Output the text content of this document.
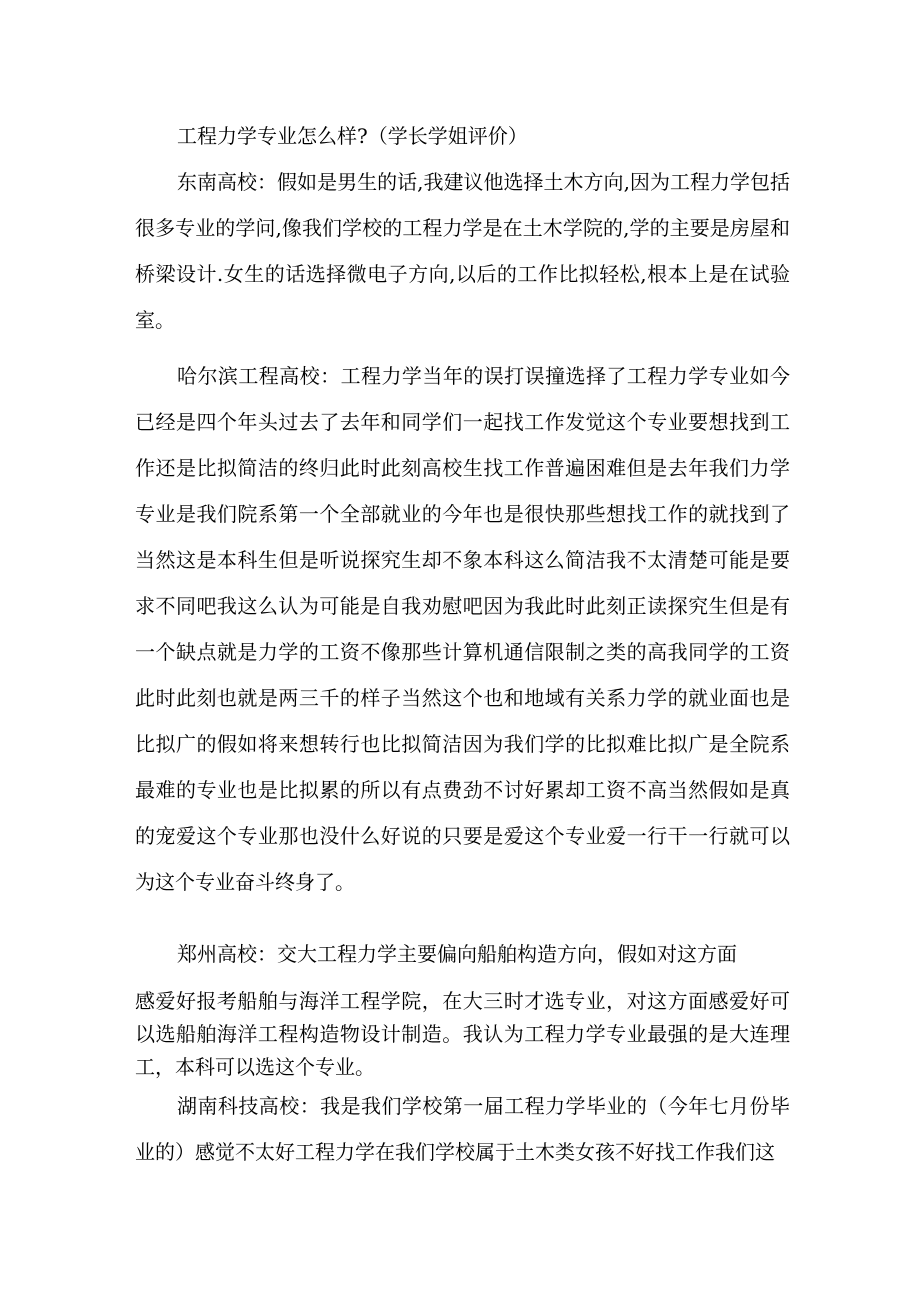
工程力学专业怎么样?（学长学姐评价）

东南高校：假如是男生的话,我建议他选择土木方向,因为工程力学包括很多专业的学问,像我们学校的工程力学是在土木学院的,学的主要是房屋和桥梁设计.女生的话选择微电子方向,以后的工作比拟轻松,根本上是在试验室。

哈尔滨工程高校：工程力学当年的误打误撞选择了工程力学专业如今已经是四个年头过去了去年和同学们一起找工作发觉这个专业要想找到工作还是比拟简洁的终归此时此刻高校生找工作普遍困难但是去年我们力学专业是我们院系第一个全部就业的今年也是很快那些想找工作的就找到了当然这是本科生但是听说探究生却不象本科这么简洁我不太清楚可能是要求不同吧我这么认为可能是自我劝慰吧因为我此时此刻正读探究生但是有一个缺点就是力学的工资不像那些计算机通信限制之类的高我同学的工资此时此刻也就是两三千的样子当然这个也和地域有关系力学的就业面也是比拟广的假如将来想转行也比拟简洁因为我们学的比拟难比拟广是全院系最难的专业也是比拟累的所以有点费劲不讨好累却工资不高当然假如是真的宠爱这个专业那也没什么好说的只要是爱这个专业爱一行干一行就可以为这个专业奋斗终身了。

郑州高校：交大工程力学主要偏向船舶构造方向，假如对这方面

感爱好报考船舶与海洋工程学院，在大三时才选专业，对这方面感爱好可以选船舶海洋工程构造物设计制造。我认为工程力学专业最强的是大连理工，本科可以选这个专业。

湖南科技高校：我是我们学校第一届工程力学毕业的（今年七月份毕业的）感觉不太好工程力学在我们学校属于土木类女孩不好找工作我们这
